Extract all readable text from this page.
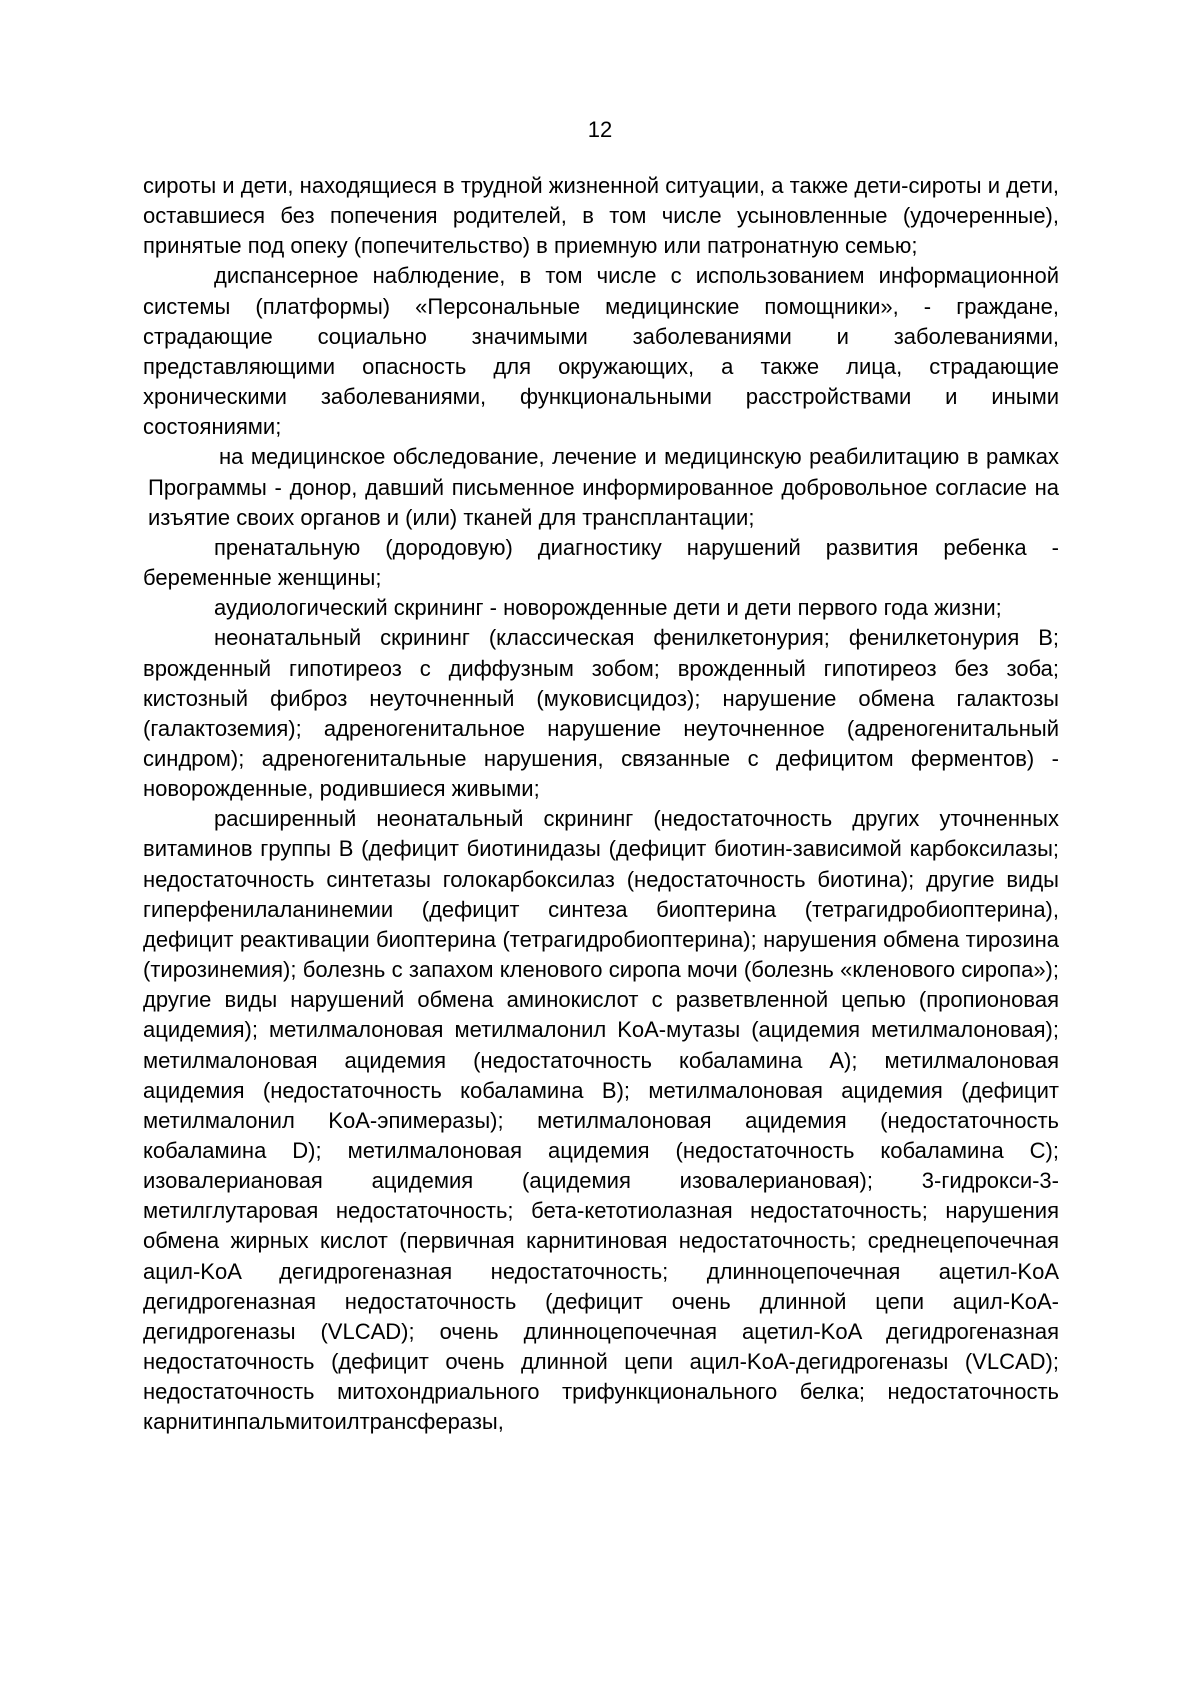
12

сироты и дети, находящиеся в трудной жизненной ситуации, а также дети-сироты и дети, оставшиеся без попечения родителей, в том числе усыновленные (удочеренные), принятые под опеку (попечительство) в приемную или патронатную семью;

диспансерное наблюдение, в том числе с использованием информационной системы (платформы) «Персональные медицинские помощники», - граждане, страдающие социально значимыми заболеваниями и заболеваниями, представляющими опасность для окружающих, а также лица, страдающие хроническими заболеваниями, функциональными расстройствами и иными состояниями;

на медицинское обследование, лечение и медицинскую реабилитацию в рамках Программы - донор, давший письменное информированное добровольное согласие на изъятие своих органов и (или) тканей для трансплантации;

пренатальную (дородовую) диагностику нарушений развития ребенка - беременные женщины;

аудиологический скрининг - новорожденные дети и дети первого года жизни;

неонатальный скрининг (классическая фенилкетонурия; фенилкетонурия B; врожденный гипотиреоз с диффузным зобом; врожденный гипотиреоз без зоба; кистозный фиброз неуточненный (муковисцидоз); нарушение обмена галактозы (галактоземия); адреногенитальное нарушение неуточненное (адреногенитальный синдром); адреногенитальные нарушения, связанные с дефицитом ферментов) - новорожденные, родившиеся живыми;

расширенный неонатальный скрининг (недостаточность других уточненных витаминов группы B (дефицит биотинидазы (дефицит биотин-зависимой карбоксилазы; недостаточность синтетазы голокарбоксилаз (недостаточность биотина); другие виды гиперфенилаланинемии (дефицит синтеза биоптерина (тетрагидробиоптерина), дефицит реактивации биоптерина (тетрагидробиоптерина); нарушения обмена тирозина (тирозинемия); болезнь с запахом кленового сиропа мочи (болезнь «кленового сиропа»); другие виды нарушений обмена аминокислот с разветвленной цепью (пропионовая ацидемия); метилмалоновая метилмалонил KoA-мутазы (ацидемия метилмалоновая); метилмалоновая ацидемия (недостаточность кобаламина A); метилмалоновая ацидемия (недостаточность кобаламина B); метилмалоновая ацидемия (дефицит метилмалонил KoA-эпимеразы); метилмалоновая ацидемия (недостаточность кобаламина D); метилмалоновая ацидемия (недостаточность кобаламина C); изовалериановая ацидемия (ацидемия изовалериановая); 3-гидрокси-3-метилглутаровая недостаточность; бета-кетотиолазная недостаточность; нарушения обмена жирных кислот (первичная карнитиновая недостаточность; среднецепочечная ацил-KoA дегидрогеназная недостаточность; длинноцепочечная ацетил-KoA дегидрогеназная недостаточность (дефицит очень длинной цепи ацил-KoA-дегидрогеназы (VLCAD); очень длинноцепочечная ацетил-KoA дегидрогеназная недостаточность (дефицит очень длинной цепи ацил-KoA-дегидрогеназы (VLCAD); недостаточность митохондриального трифункционального белка; недостаточность карнитинпальмитоилтрансферазы,
